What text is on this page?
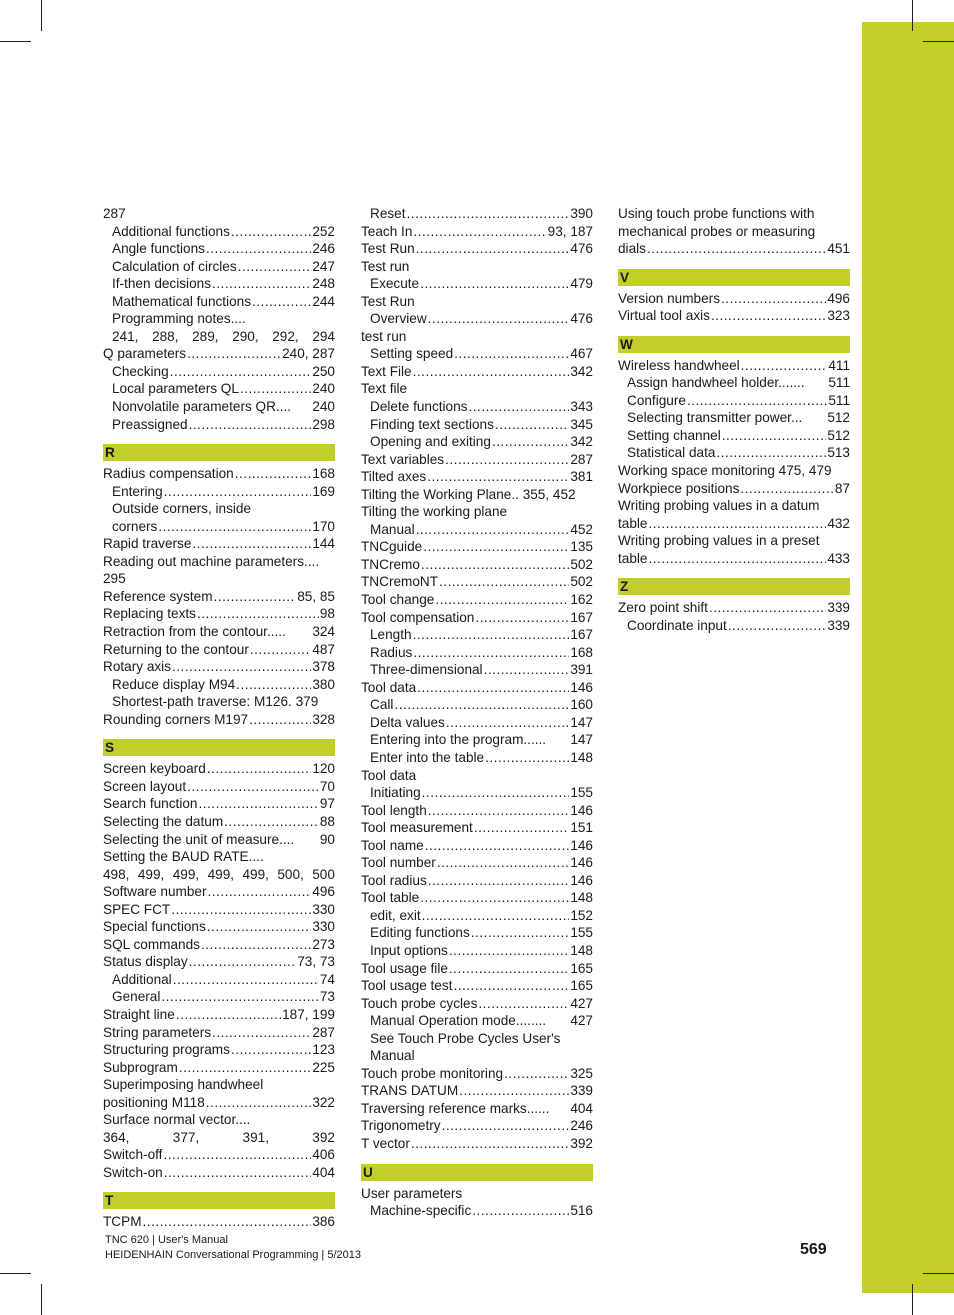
287
Additional functions .....	252
Angle functions .....	246
Calculation of circles .....	247
If-then decisions .....	248
Mathematical functions .....	244
Programming notes....
241, 288, 289, 290, 292, 294
Q parameters .....	240, 287
Checking .....	250
Local parameters QL .....	240
Nonvolatile parameters QR.... 240
Preassigned .....	298
R
Radius compensation .....	168
Entering .....	169
Outside corners, inside
corners .....	170
Rapid traverse .....	144
Reading out machine parameters....
295
Reference system .....	85, 85
Replacing texts .....	98
Retraction from the contour..... 324
Returning to the contour .....	487
Rotary axis .....	378
Reduce display M94 .....	380
Shortest-path traverse: M126. 379
Rounding corners M197 .....	328
S
Screen keyboard .....	120
Screen layout .....	70
Search function .....	97
Selecting the datum .....	88
Selecting the unit of measure.... 90
Setting the BAUD RATE....
498, 499, 499, 499, 499, 500, 500
Software number .....	496
SPEC FCT .....	330
Special functions .....	330
SQL commands .....	273
Status display .....	73, 73
Additional .....	74
General .....	73
Straight line .....	187, 199
String parameters .....	287
Structuring programs .....	123
Subprogram .....	225
Superimposing handwheel
positioning M118 .....	322
Surface normal vector....
364,	377,	391,	392
Switch-off .....	406
Switch-on .....	404
T
TCPM .....	386
Reset .....	390
Teach In .....	93, 187
Test Run .....	476
Test run
Execute .....	479
Test Run
Overview .....	476
test run
Setting speed .....	467
Text File .....	342
Text file
Delete functions .....	343
Finding text sections .....	345
Opening and exiting .....	342
Text variables .....	287
Tilted axes .....	381
Tilting the Working Plane.. 355, 452
Tilting the working plane
Manual .....	452
TNCguide .....	135
TNCremo .....	502
TNCremoNT .....	502
Tool change .....	162
Tool compensation .....	167
Length .....	167
Radius .....	168
Three-dimensional .....	391
Tool data .....	146
Call .....	160
Delta values .....	147
Entering into the program...... 147
Enter into the table .....	148
Tool data
Initiating .....	155
Tool length .....	146
Tool measurement .....	151
Tool name .....	146
Tool number .....	146
Tool radius .....	146
Tool table .....	148
edit, exit .....	152
Editing functions .....	155
Input options .....	148
Tool usage file .....	165
Tool usage test .....	165
Touch probe cycles .....	427
Manual Operation mode........ 427
See Touch Probe Cycles User's
Manual
Touch probe monitoring .....	325
TRANS DATUM .....	339
Traversing reference marks...... 404
Trigonometry .....	246
T vector .....	392
U
User parameters
Machine-specific .....	516
Using touch probe functions with
mechanical probes or measuring
dials .....	451
V
Version numbers .....	496
Virtual tool axis .....	323
W
Wireless handwheel .....	411
Assign handwheel holder....... 511
Configure .....	511
Selecting transmitter power... 512
Setting channel .....	512
Statistical data .....	513
Working space monitoring 475, 479
Workpiece positions .....	87
Writing probing values in a datum
table .....	432
Writing probing values in a preset
table .....	433
Z
Zero point shift .....	339
Coordinate input .....	339
TNC 620 | User's Manual
HEIDENHAIN Conversational Programming | 5/2013	569
